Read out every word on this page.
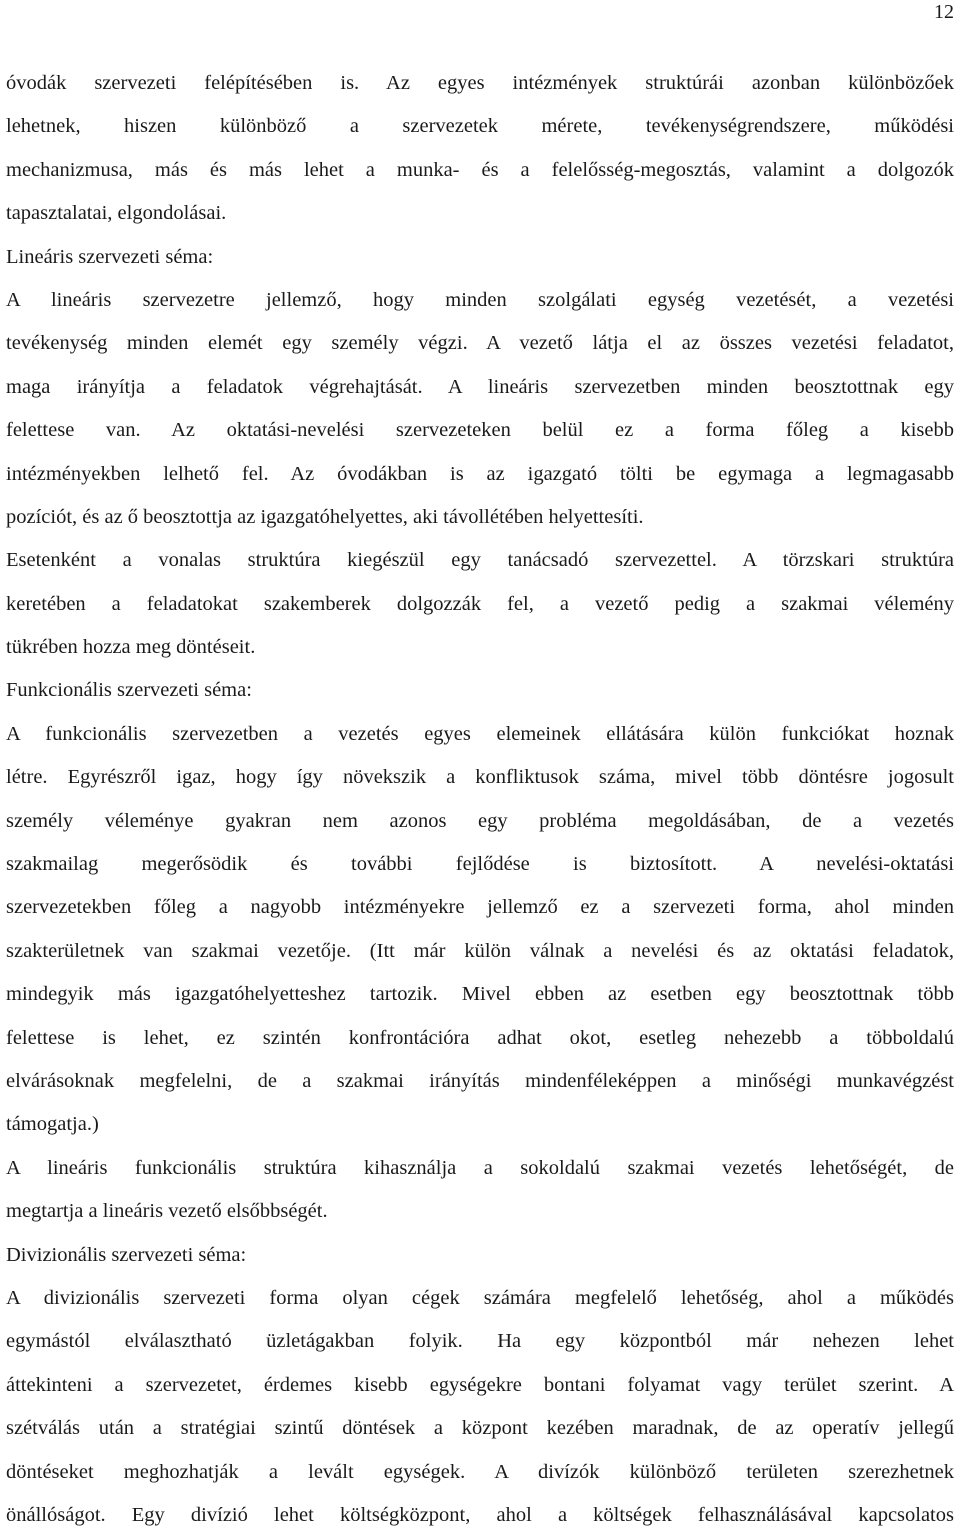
12
óvodák szervezeti felépítésében is. Az egyes intézmények struktúrái azonban különbözőek
lehetnek, hiszen különböző a szervezetek mérete, tevékenységrendszere, működési
mechanizmusa, más és más lehet a munka- és a felelősség-megosztás, valamint a dolgozók
tapasztalatai, elgondolásai.
Lineáris szervezeti séma:
A lineáris szervezetre jellemző, hogy minden szolgálati egység vezetését, a vezetési
tevékenység minden elemét egy személy végzi. A vezető látja el az összes vezetési feladatot,
maga irányítja a feladatok végrehajtását. A lineáris szervezetben minden beosztottnak egy
felettese van. Az oktatási-nevelési szervezeteken belül ez a forma főleg a kisebb
intézményekben lelhető fel. Az óvodákban is az igazgató tölti be egymaga a legmagasabb
pozíciót, és az ő beosztottja az igazgatóhelyettes, aki távollétében helyettesíti.
Esetenként a vonalas struktúra kiegészül egy tanácsadó szervezettel. A törzskari struktúra
keretében a feladatokat szakemberek dolgozzák fel, a vezető pedig a szakmai vélemény
tükrében hozza meg döntéseit.
Funkcionális szervezeti séma:
A funkcionális szervezetben a vezetés egyes elemeinek ellátására külön funkciókat hoznak
létre. Egyrészről igaz, hogy így növekszik a konfliktusok száma, mivel több döntésre jogosult
személy véleménye gyakran nem azonos egy probléma megoldásában, de a vezetés
szakmailag megerősödik és további fejlődése is biztosított. A nevelési-oktatási
szervezetekben főleg a nagyobb intézményekre jellemző ez a szervezeti forma, ahol minden
szakterületnek van szakmai vezetője. (Itt már külön válnak a nevelési és az oktatási feladatok,
mindegyik más igazgatóhelyetteshez tartozik. Mivel ebben az esetben egy beosztottnak több
felettese is lehet, ez szintén konfrontációra adhat okot, esetleg nehezebb a többoldalú
elvárásoknak megfelelni, de a szakmai irányítás mindenféleképpen a minőségi munkavégzést
támogatja.)
A lineáris funkcionális struktúra kihasználja a sokoldalú szakmai vezetés lehetőségét, de
megtartja a lineáris vezető elsőbbségét.
Divizionális szervezeti séma:
A divizionális szervezeti forma olyan cégek számára megfelelő lehetőség, ahol a működés
egymástól elválasztható üzletágakban folyik. Ha egy központból már nehezen lehet
áttekinteni a szervezetet, érdemes kisebb egységekre bontani folyamat vagy terület szerint. A
szétválás után a stratégiai szintű döntések a központ kezében maradnak, de az operatív jellegű
döntéseket meghozhatják a levált egységek. A divízók különböző területen szerezhetnek
önállóságot. Egy divízió lehet költségközpont, ahol a költségek felhasználásával kapcsolatos
